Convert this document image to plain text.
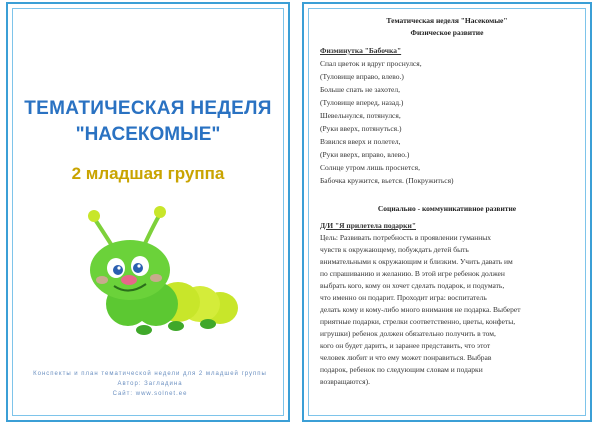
ТЕМАТИЧЕСКАЯ НЕДЕЛЯ
"НАСЕКОМЫЕ"
2 младшая группа
Конспекты и план тематической недели для 2 младшей группы
Автор: Загладина
Сайт: www.solnet.ee
Тематическая неделя "Насекомые"
Физическое развитие
Физминутка "Бабочка"
Спал цветок и вдруг проснулся,
(Туловище вправо, влево.)
Больше спать не захотел,
(Туловище вперед, назад.)
Шевельнулся, потянулся,
(Руки вверх, потянуться.)
Взвился вверх и полетел,
(Руки вверх, вправо, влево.)
Солнце утром лишь проснется,
Бабочка кружится, вьется. (Покружиться)
Социально - коммуникативное развитие
Д/И "Я прилетела подарки"
Цель: Развивать потребность в проявлении гуманных
чувств к окружающему, побуждать детей быть
внимательными к окружающим и близким. Учить давать им
по спрашиванию и желанию. В этой игре ребенок должен
выбрать кого, кому он хочет сделать подарок, и подумать,
что именно он подарит. Проходит игра: воспитатель
делать кому и кому-либо много внимания не подарка. Выберет
приятные подарки, стрелки соответственно, цветы, конфеты,
игрушки) ребенок должен обязательно получить в том,
кого он будет дарить, и заранее представить, что этот
человек любит и что ему может понравиться. Выбрав
подарок, ребенок по следующим словам и подарки
возвращаются).
